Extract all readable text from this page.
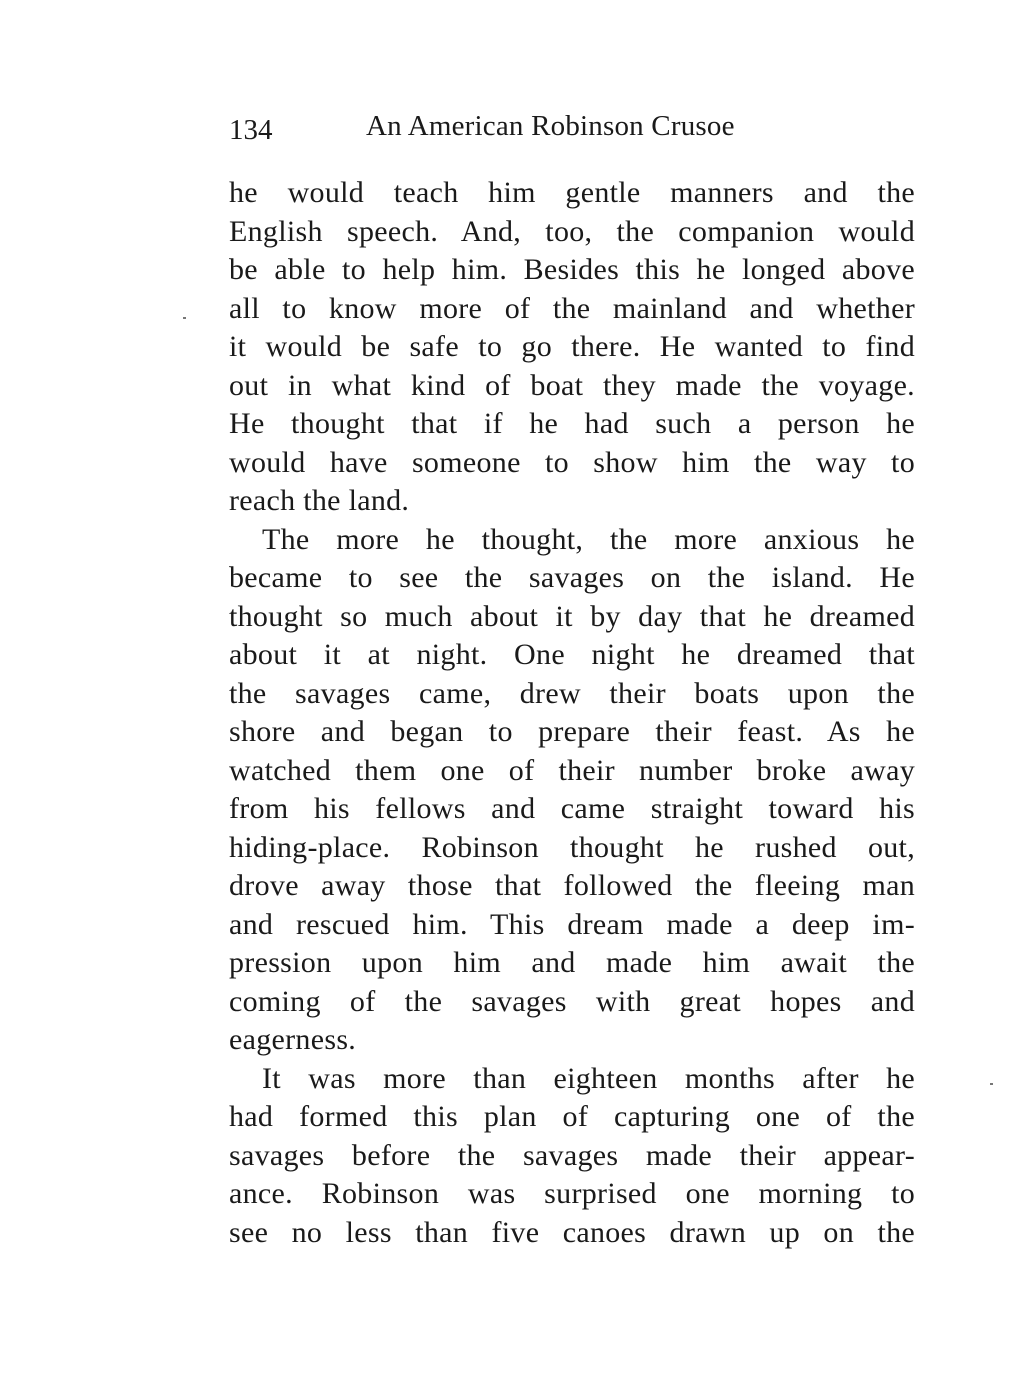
134	An American Robinson Crusoe
he would teach him gentle manners and the
English speech. And, too, the companion would
be able to help him. Besides this he longed above
all to know more of the mainland and whether
it would be safe to go there. He wanted to find
out in what kind of boat they made the voyage.
He thought that if he had such a person he
would have someone to show him the way to
reach the land.
The more he thought, the more anxious he
became to see the savages on the island. He
thought so much about it by day that he dreamed
about it at night. One night he dreamed that
the savages came, drew their boats upon the
shore and began to prepare their feast. As he
watched them one of their number broke away
from his fellows and came straight toward his
hiding-place. Robinson thought he rushed out,
drove away those that followed the fleeing man
and rescued him. This dream made a deep im-
pression upon him and made him await the
coming of the savages with great hopes and
eagerness.
It was more than eighteen months after he
had formed this plan of capturing one of the
savages before the savages made their appear-
ance. Robinson was surprised one morning to
see no less than five canoes drawn up on the
